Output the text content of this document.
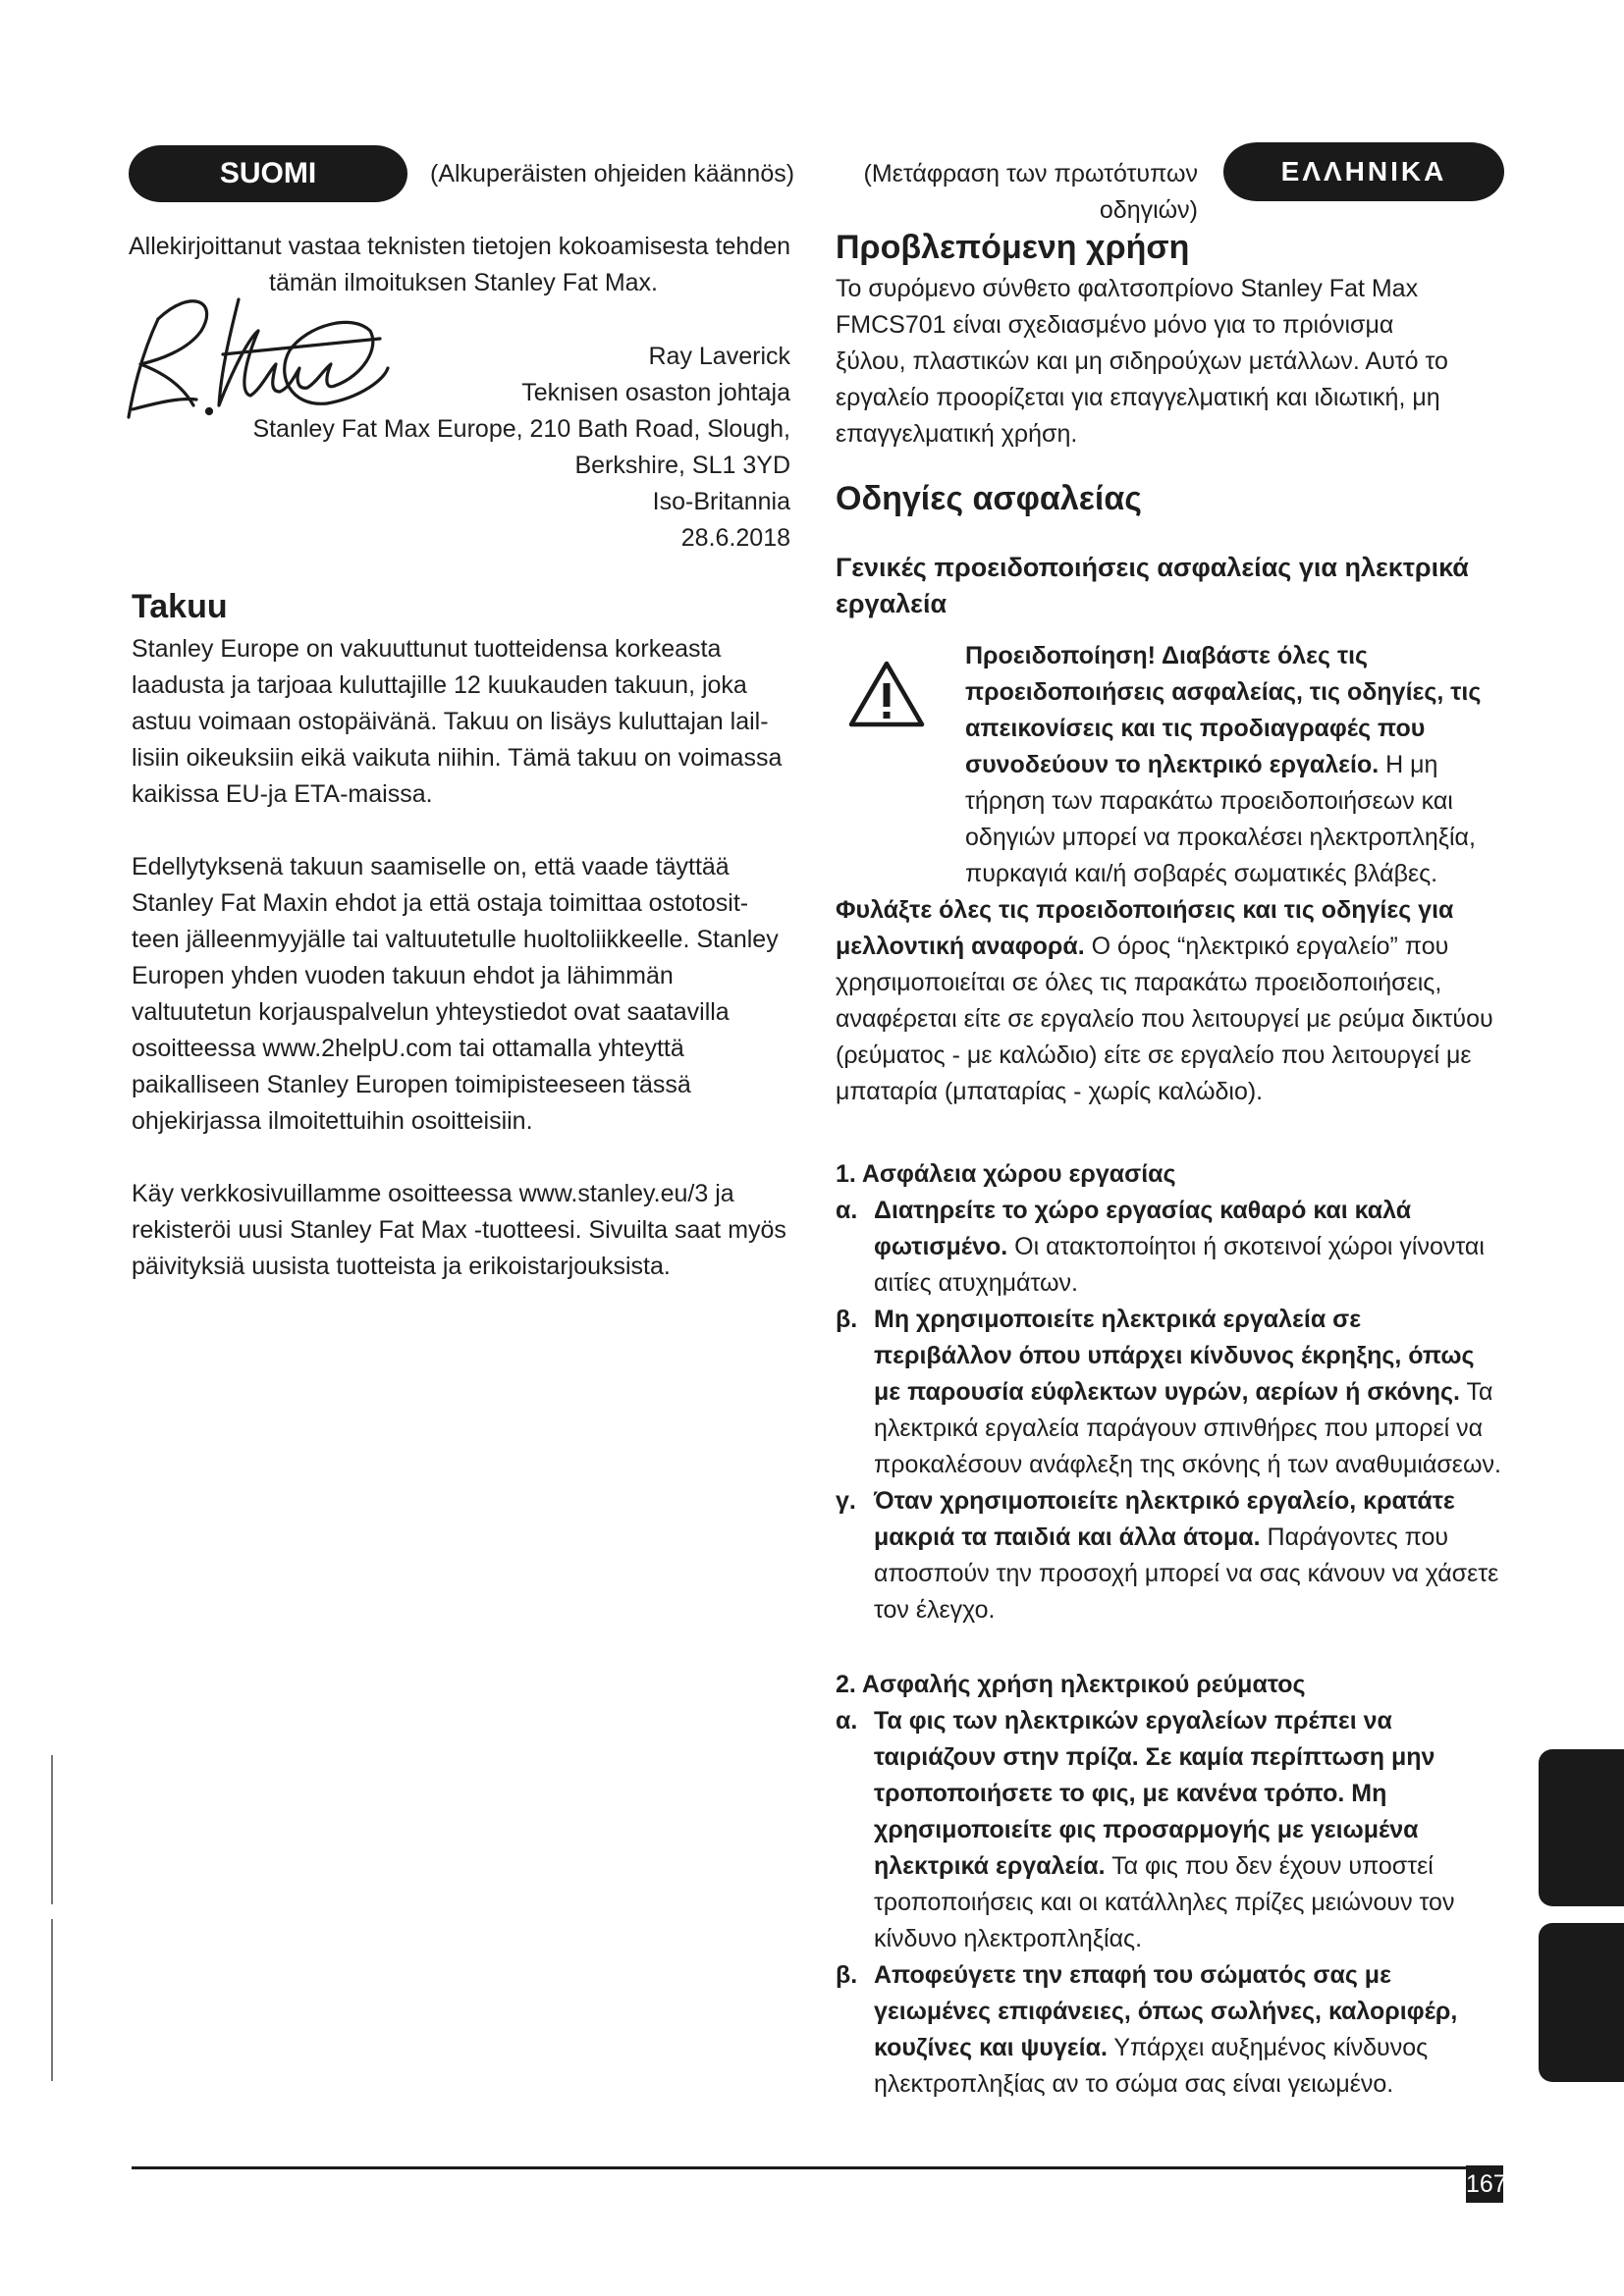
SUOMI	(Alkuperäisten ohjeiden käännös)
Allekirjoittanut vastaa teknisten tietojen kokoamisesta tehden
tämän ilmoituksen Stanley Fat Max.
Ray Laverick
Teknisen osaston johtaja
Stanley Fat Max Europe, 210 Bath Road, Slough,
Berkshire, SL1 3YD
Iso-Britannia
28.6.2018
Takuu

Stanley Europe on vakuuttunut tuotteidensa korkeasta laadusta ja tarjoaa kuluttajille 12 kuukauden takuun, joka astuu voimaan ostopäivänä. Takuu on lisäys kuluttajan lail-lisiin oikeuksiin eikä vaikuta niihin. Tämä takuu on voimassa kaikissa EU-ja ETA-maissa.

Edellytyksenä takuun saamiselle on, että vaade täyttää Stanley Fat Maxin ehdot ja että ostaja toimittaa ostotosit-teen jälleenmyyjälle tai valtuutetulle huoltoliikkeelle. Stanley Europen yhden vuoden takuun ehdot ja lähimmän valtuutetun korjauspalvelun yhteystiedot ovat saatavilla osoitteessa www.2helpU.com tai ottamalla yhteyttä paikalliseen Stanley Europen toimipisteeseen tässä ohjekirjassa ilmoitettuihin osoitteisiin.

Käy verkkosivuillamme osoitteessa www.stanley.eu/3 ja rekisteröi uusi Stanley Fat Max -tuotteesi. Sivuilta saat myös päivityksiä uusista tuotteista ja erikoistarjouksista.

(Μετάφραση των πρωτότυπων
οδηγιών)
ΕΛΛΗΝΙΚΑ
Προβλεπόμενη χρήση
Το συρόμενο σύνθετο φαλτσοπρίονο Stanley Fat Max FMCS701 είναι σχεδιασμένο μόνο για το πριόνισμα ξύλου, πλαστικών και μη σιδηρούχων μετάλλων. Αυτό το εργαλείο προορίζεται για επαγγελματική και ιδιωτική, μη επαγγελματική χρήση.
Οδηγίες ασφαλείας
Γενικές προειδοποιήσεις ασφαλείας για ηλεκτρικά εργαλεία
Προειδοποίηση! Διαβάστε όλες τις προειδοποιήσεις ασφαλείας, τις οδηγίες, τις απεικονίσεις και τις προδιαγραφές που συνοδεύουν το ηλεκτρικό εργαλείο. Η μη τήρηση των παρακάτω προειδοποιήσεων και οδηγιών μπορεί να προκαλέσει ηλεκτροπληξία, πυρκαγιά και/ή σοβαρές σωματικές βλάβες.
Φυλάξτε όλες τις προειδοποιήσεις και τις οδηγίες για μελλοντική αναφορά. Ο όρος “ηλεκτρικό εργαλείο” που χρησιμοποιείται σε όλες τις παρακάτω προειδοποιήσεις, αναφέρεται είτε σε εργαλείο που λειτουργεί με ρεύμα δικτύου (ρεύματος - με καλώδιο) είτε σε εργαλείο που λειτουργεί με μπαταρία (μπαταρίας - χωρίς καλώδιο).

1. Ασφάλεια χώρου εργασίας

α. Διατηρείτε το χώρο εργασίας καθαρό και καλά φωτισμένο. Οι ατακτοποίητοι ή σκοτεινοί χώροι γίνονται αιτίες ατυχημάτων.
β. Μη χρησιμοποιείτε ηλεκτρικά εργαλεία σε περιβάλλον όπου υπάρχει κίνδυνος έκρηξης, όπως με παρουσία εύφλεκτων υγρών, αερίων ή σκόνης. Τα ηλεκτρικά εργαλεία παράγουν σπινθήρες που μπορεί να προκαλέσουν ανάφλεξη της σκόνης ή των αναθυμιάσεων.
γ. Όταν χρησιμοποιείτε ηλεκτρικό εργαλείο, κρατάτε μακριά τα παιδιά και άλλα άτομα. Παράγοντες που αποσπούν την προσοχή μπορεί να σας κάνουν να χάσετε τον έλεγχο.

2. Ασφαλής χρήση ηλεκτρικού ρεύματος

α. Τα φις των ηλεκτρικών εργαλείων πρέπει να ταιριάζουν στην πρίζα. Σε καμία περίπτωση μην τροποποιήσετε το φις, με κανένα τρόπο. Μη χρησιμοποιείτε φις προσαρμογής με γειωμένα ηλεκτρικά εργαλεία. Τα φις που δεν έχουν υποστεί τροποποιήσεις και οι κατάλληλες πρίζες μειώνουν τον κίνδυνο ηλεκτροπληξίας.
β. Αποφεύγετε την επαφή του σώματός σας με γειωμένες επιφάνειες, όπως σωλήνες, καλοριφέρ, κουζίνες και ψυγεία. Υπάρχει αυξημένος κίνδυνος ηλεκτροπληξίας αν το σώμα σας είναι γειωμένο.
167
